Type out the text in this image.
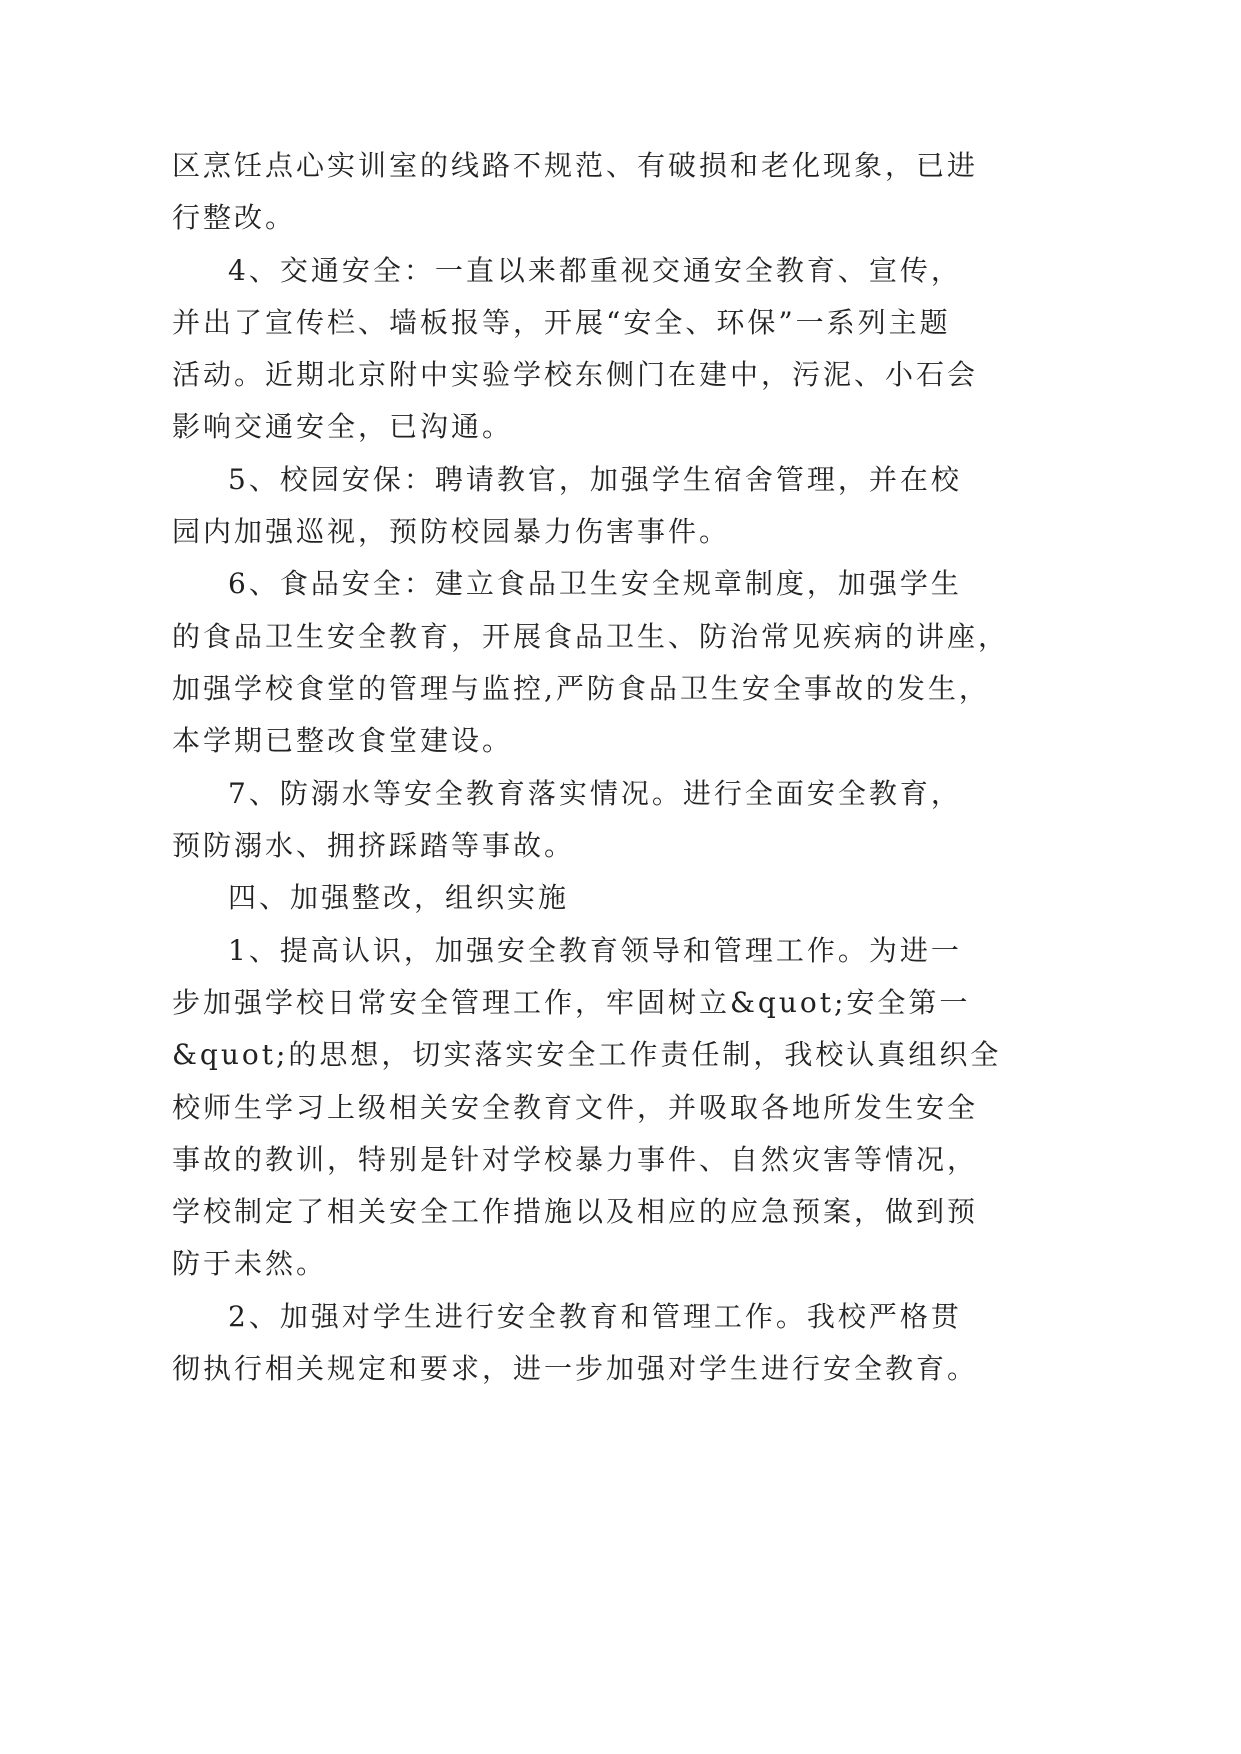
区烹饪点心实训室的线路不规范、有破损和老化现象，已进
行整改。
4、交通安全：一直以来都重视交通安全教育、宣传，
并出了宣传栏、墙板报等，开展“安全、环保”一系列主题
活动。近期北京附中实验学校东侧门在建中，污泥、小石会
影响交通安全，已沟通。
5、校园安保：聘请教官，加强学生宿舍管理，并在校
园内加强巡视，预防校园暴力伤害事件。
6、食品安全：建立食品卫生安全规章制度，加强学生
的食品卫生安全教育，开展食品卫生、防治常见疾病的讲座，
加强学校食堂的管理与监控,严防食品卫生安全事故的发生，
本学期已整改食堂建设。
7、防溺水等安全教育落实情况。进行全面安全教育，
预防溺水、拥挤踩踏等事故。
四、加强整改，组织实施
1、提高认识，加强安全教育领导和管理工作。为进一
步加强学校日常安全管理工作，牢固树立&quot;安全第一
&quot;的思想，切实落实安全工作责任制，我校认真组织全
校师生学习上级相关安全教育文件，并吸取各地所发生安全
事故的教训，特别是针对学校暴力事件、自然灾害等情况，
学校制定了相关安全工作措施以及相应的应急预案，做到预
防于未然。
2、加强对学生进行安全教育和管理工作。我校严格贯
彻执行相关规定和要求，进一步加强对学生进行安全教育。
